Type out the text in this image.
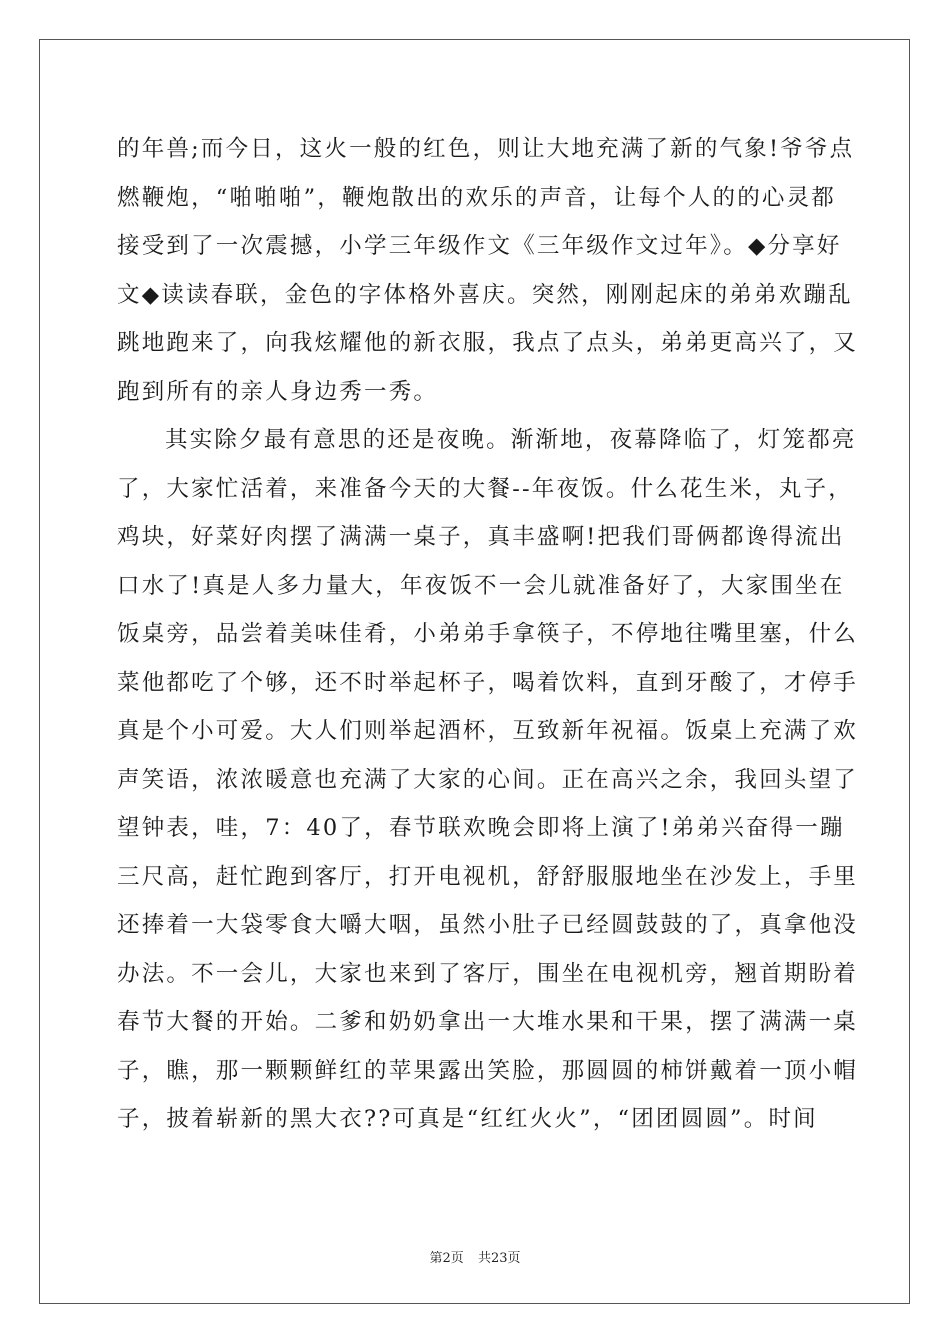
的年兽;而今日，这火一般的红色，则让大地充满了新的气象!爷爷点
燃鞭炮，“啪啪啪”，鞭炮散出的欢乐的声音，让每个人的的心灵都
接受到了一次震撼，小学三年级作文《三年级作文过年》。◆分享好
文◆读读春联，金色的字体格外喜庆。突然，刚刚起床的弟弟欢蹦乱
跳地跑来了，向我炫耀他的新衣服，我点了点头，弟弟更高兴了，又
跑到所有的亲人身边秀一秀。
其实除夕最有意思的还是夜晚。渐渐地，夜幕降临了，灯笼都亮
了，大家忙活着，来准备今天的大餐--年夜饭。什么花生米，丸子，
鸡块，好菜好肉摆了满满一桌子，真丰盛啊!把我们哥俩都谗得流出
口水了!真是人多力量大，年夜饭不一会儿就准备好了，大家围坐在
饭桌旁，品尝着美味佳肴，小弟弟手拿筷子，不停地往嘴里塞，什么
菜他都吃了个够，还不时举起杯子，喝着饮料，直到牙酸了，才停手
真是个小可爱。大人们则举起酒杯，互致新年祝福。饭桌上充满了欢
声笑语，浓浓暖意也充满了大家的心间。正在高兴之余，我回头望了
望钟表，哇，7：40了，春节联欢晚会即将上演了!弟弟兴奋得一蹦
三尺高，赶忙跑到客厅，打开电视机，舒舒服服地坐在沙发上，手里
还捧着一大袋零食大嚼大咽，虽然小肚子已经圆鼓鼓的了，真拿他没
办法。不一会儿，大家也来到了客厅，围坐在电视机旁，翘首期盼着
春节大餐的开始。二爹和奶奶拿出一大堆水果和干果，摆了满满一桌
子，瞧，那一颗颗鲜红的苹果露出笑脸，那圆圆的柿饼戴着一顶小帽
子，披着崭新的黑大衣??可真是“红红火火”，“团团圆圆”。时间
第2页 共23页
